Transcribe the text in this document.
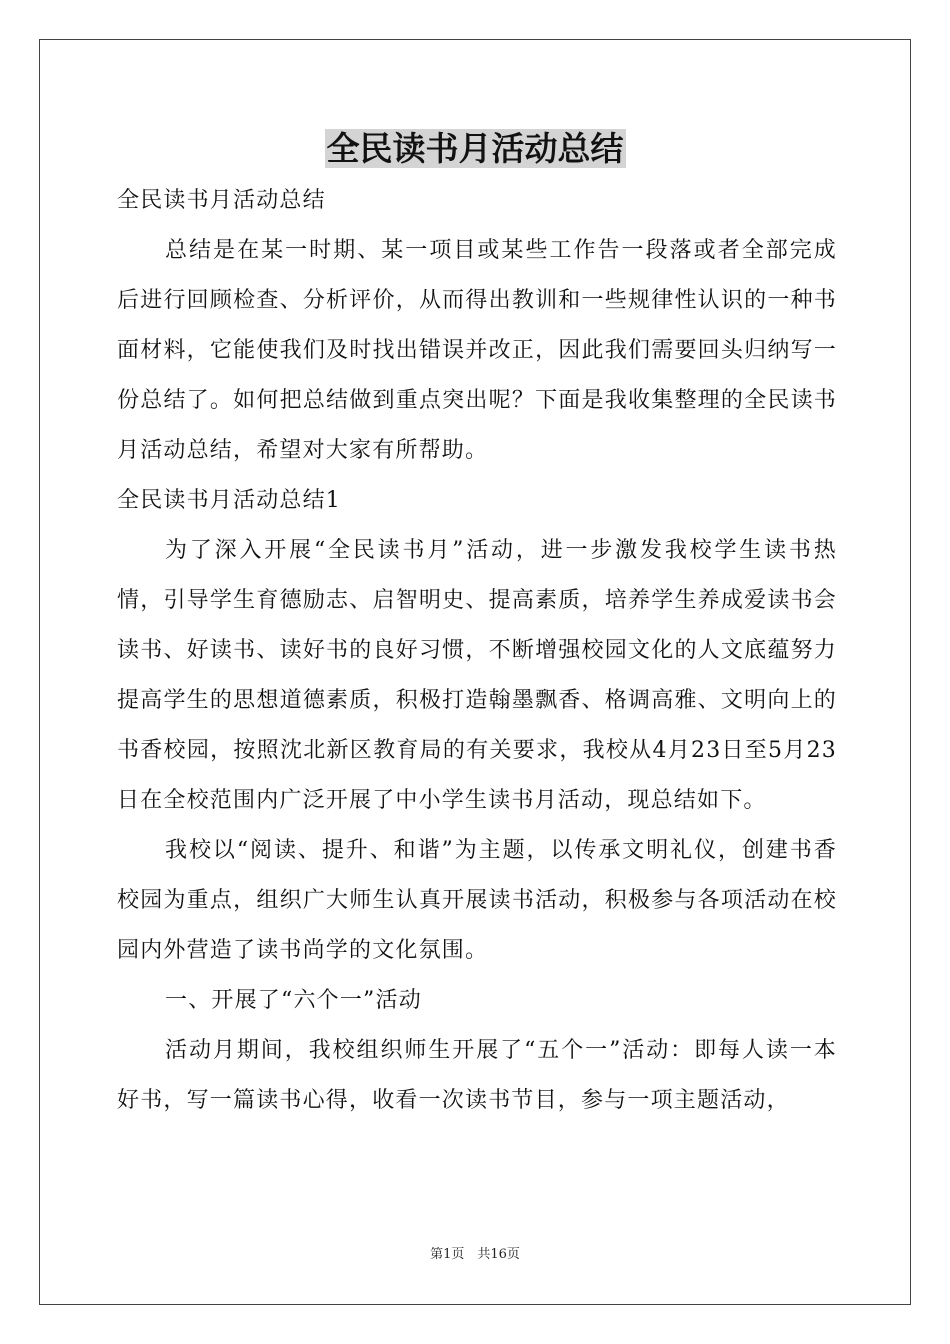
全民读书月活动总结

全民读书月活动总结

总结是在某一时期、某一项目或某些工作告一段落或者全部完成后进行回顾检查、分析评价，从而得出教训和一些规律性认识的一种书面材料，它能使我们及时找出错误并改正，因此我们需要回头归纳写一份总结了。如何把总结做到重点突出呢？下面是我收集整理的全民读书月活动总结，希望对大家有所帮助。

全民读书月活动总结1

为了深入开展“全民读书月”活动，进一步激发我校学生读书热情，引导学生育德励志、启智明史、提高素质，培养学生养成爱读书会读书、好读书、读好书的良好习惯，不断增强校园文化的人文底蕴努力提高学生的思想道德素质，积极打造翰墨飘香、格调高雅、文明向上的书香校园，按照沈北新区教育局的有关要求，我校从4月23日至5月23日在全校范围内广泛开展了中小学生读书月活动，现总结如下。

我校以“阅读、提升、和谐”为主题，以传承文明礼仪，创建书香校园为重点，组织广大师生认真开展读书活动，积极参与各项活动在校园内外营造了读书尚学的文化氛围。

一、开展了“六个一”活动

活动月期间，我校组织师生开展了“五个一”活动：即每人读一本好书，写一篇读书心得，收看一次读书节目，参与一项主题活动，

第1页　共16页
